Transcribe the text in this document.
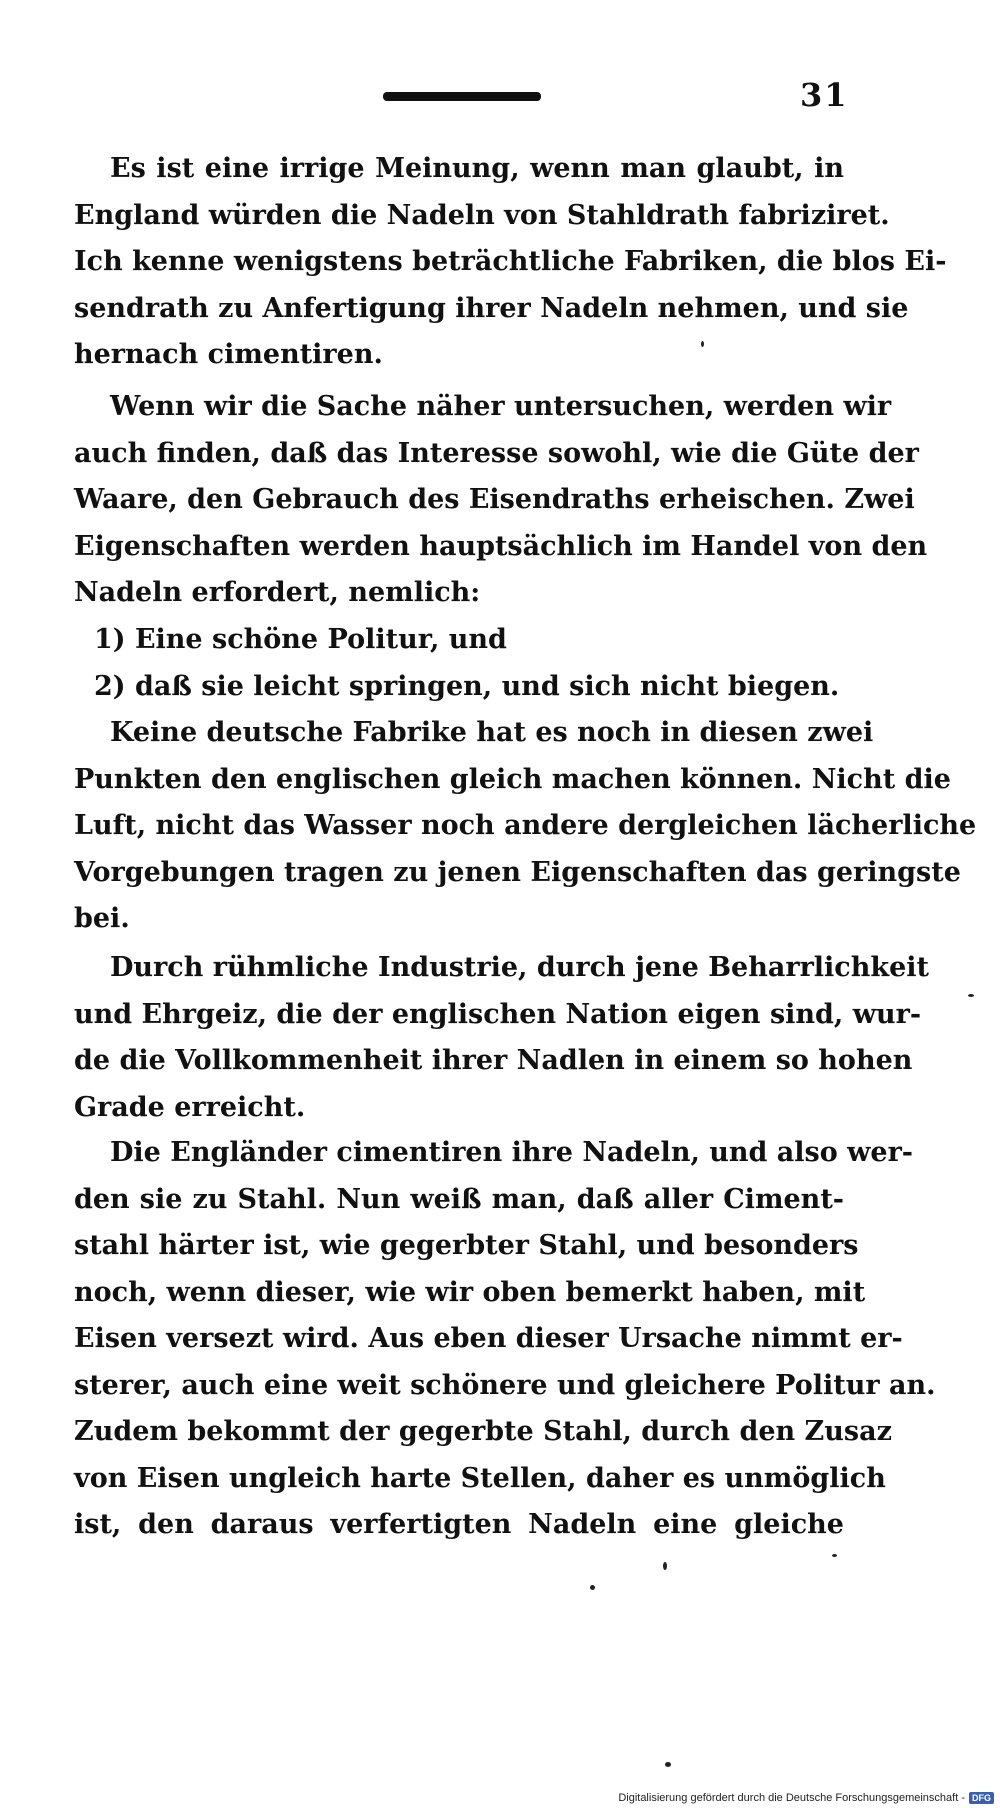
31
Es ist eine irrige Meinung, wenn man glaubt, in
England würden die Nadeln von Stahldrath fabriziret.
Ich kenne wenigstens beträchtliche Fabriken, die blos Ei-
sendrath zu Anfertigung ihrer Nadeln nehmen, und sie
hernach cimentiren.
Wenn wir die Sache näher untersuchen, werden wir
auch finden, daß das Interesse sowohl, wie die Güte der
Waare, den Gebrauch des Eisendraths erheischen. Zwei
Eigenschaften werden hauptsächlich im Handel von den
Nadeln erfordert, nemlich:
1) Eine schöne Politur, und
2) daß sie leicht springen, und sich nicht biegen.
Keine deutsche Fabrike hat es noch in diesen zwei
Punkten den englischen gleich machen können. Nicht die
Luft, nicht das Wasser noch andere dergleichen lächerliche
Vorgebungen tragen zu jenen Eigenschaften das geringste
bei.
Durch rühmliche Industrie, durch jene Beharrlichkeit
und Ehrgeiz, die der englischen Nation eigen sind, wur-
de die Vollkommenheit ihrer Nadlen in einem so hohen
Grade erreicht.
Die Engländer cimentiren ihre Nadeln, und also wer-
den sie zu Stahl. Nun weiß man, daß aller Ciment-
stahl härter ist, wie gegerbter Stahl, und besonders
noch, wenn dieser, wie wir oben bemerkt haben, mit
Eisen versezt wird. Aus eben dieser Ursache nimmt er-
sterer, auch eine weit schönere und gleichere Politur an.
Zudem bekommt der gegerbte Stahl, durch den Zusaz
von Eisen ungleich harte Stellen, daher es unmöglich
ist, den daraus verfertigten Nadeln eine gleiche
Digitalisierung gefördert durch die Deutsche Forschungsgemeinschaft - DFG
